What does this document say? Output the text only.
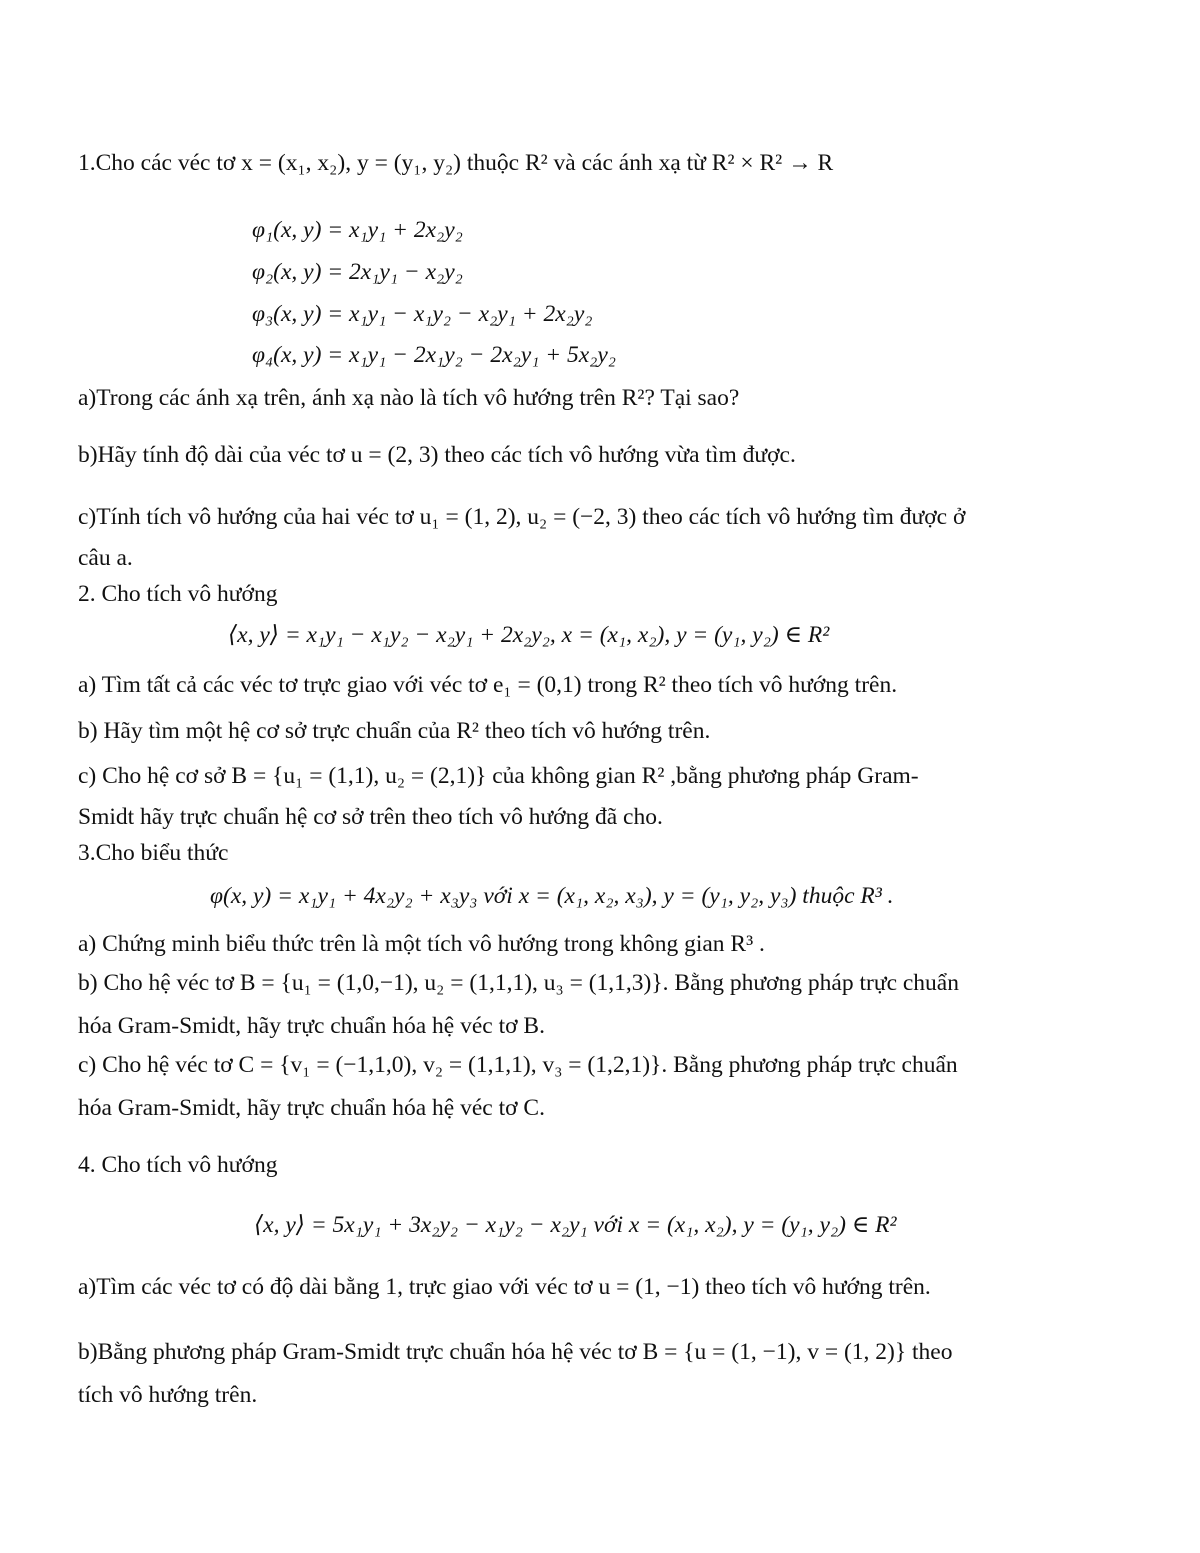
1.Cho các véc tơ x = (x₁, x₂), y = (y₁, y₂) thuộc R² và các ánh xạ từ R² × R² → R
φ₁(x, y) = x₁y₁ + 2x₂y₂
φ₂(x, y) = 2x₁y₁ − x₂y₂
φ₃(x, y) = x₁y₁ − x₁y₂ − x₂y₁ + 2x₂y₂
φ₄(x, y) = x₁y₁ − 2x₁y₂ − 2x₂y₁ + 5x₂y₂
a)Trong các ánh xạ trên, ánh xạ nào là tích vô hướng trên R²? Tại sao?
b)Hãy tính độ dài của véc tơ u = (2, 3) theo các tích vô hướng vừa tìm được.
c)Tính tích vô hướng của hai véc tơ u₁ = (1, 2), u₂ = (−2, 3) theo các tích vô hướng tìm được ở
câu a.
2. Cho tích vô hướng
⟨x, y⟩ = x₁y₁ − x₁y₂ − x₂y₁ + 2x₂y₂, x = (x₁, x₂), y = (y₁, y₂) ∈ R²
a) Tìm tất cả các véc tơ trực giao với véc tơ e₁ = (0,1) trong R² theo tích vô hướng trên.
b) Hãy tìm một hệ cơ sở trực chuẩn của R² theo tích vô hướng trên.
c) Cho hệ cơ sở B = {u₁ = (1,1), u₂ = (2,1)} của không gian R² ,bằng phương pháp Gram-
Smidt hãy trực chuẩn hệ cơ sở trên theo tích vô hướng đã cho.
3.Cho biểu thức
φ(x, y) = x₁y₁ + 4x₂y₂ + x₃y₃ với x = (x₁, x₂, x₃), y = (y₁, y₂, y₃) thuộc R³ .
a) Chứng minh biểu thức trên là một tích vô hướng trong không gian R³ .
b) Cho hệ véc tơ B = {u₁ = (1,0,−1), u₂ = (1,1,1), u₃ = (1,1,3)}. Bằng phương pháp trực chuẩn
hóa Gram-Smidt, hãy trực chuẩn hóa hệ véc tơ B.
c) Cho hệ véc tơ C = {v₁ = (−1,1,0), v₂ = (1,1,1), v₃ = (1,2,1)}. Bằng phương pháp trực chuẩn
hóa Gram-Smidt, hãy trực chuẩn hóa hệ véc tơ C.
4. Cho tích vô hướng
⟨x, y⟩ = 5x₁y₁ + 3x₂y₂ − x₁y₂ − x₂y₁ với x = (x₁, x₂), y = (y₁, y₂) ∈ R²
a)Tìm các véc tơ có độ dài bằng 1, trực giao với véc tơ u = (1, −1) theo tích vô hướng trên.
b)Bằng phương pháp Gram-Smidt trực chuẩn hóa hệ véc tơ B = {u = (1, −1), v = (1, 2)} theo
tích vô hướng trên.
